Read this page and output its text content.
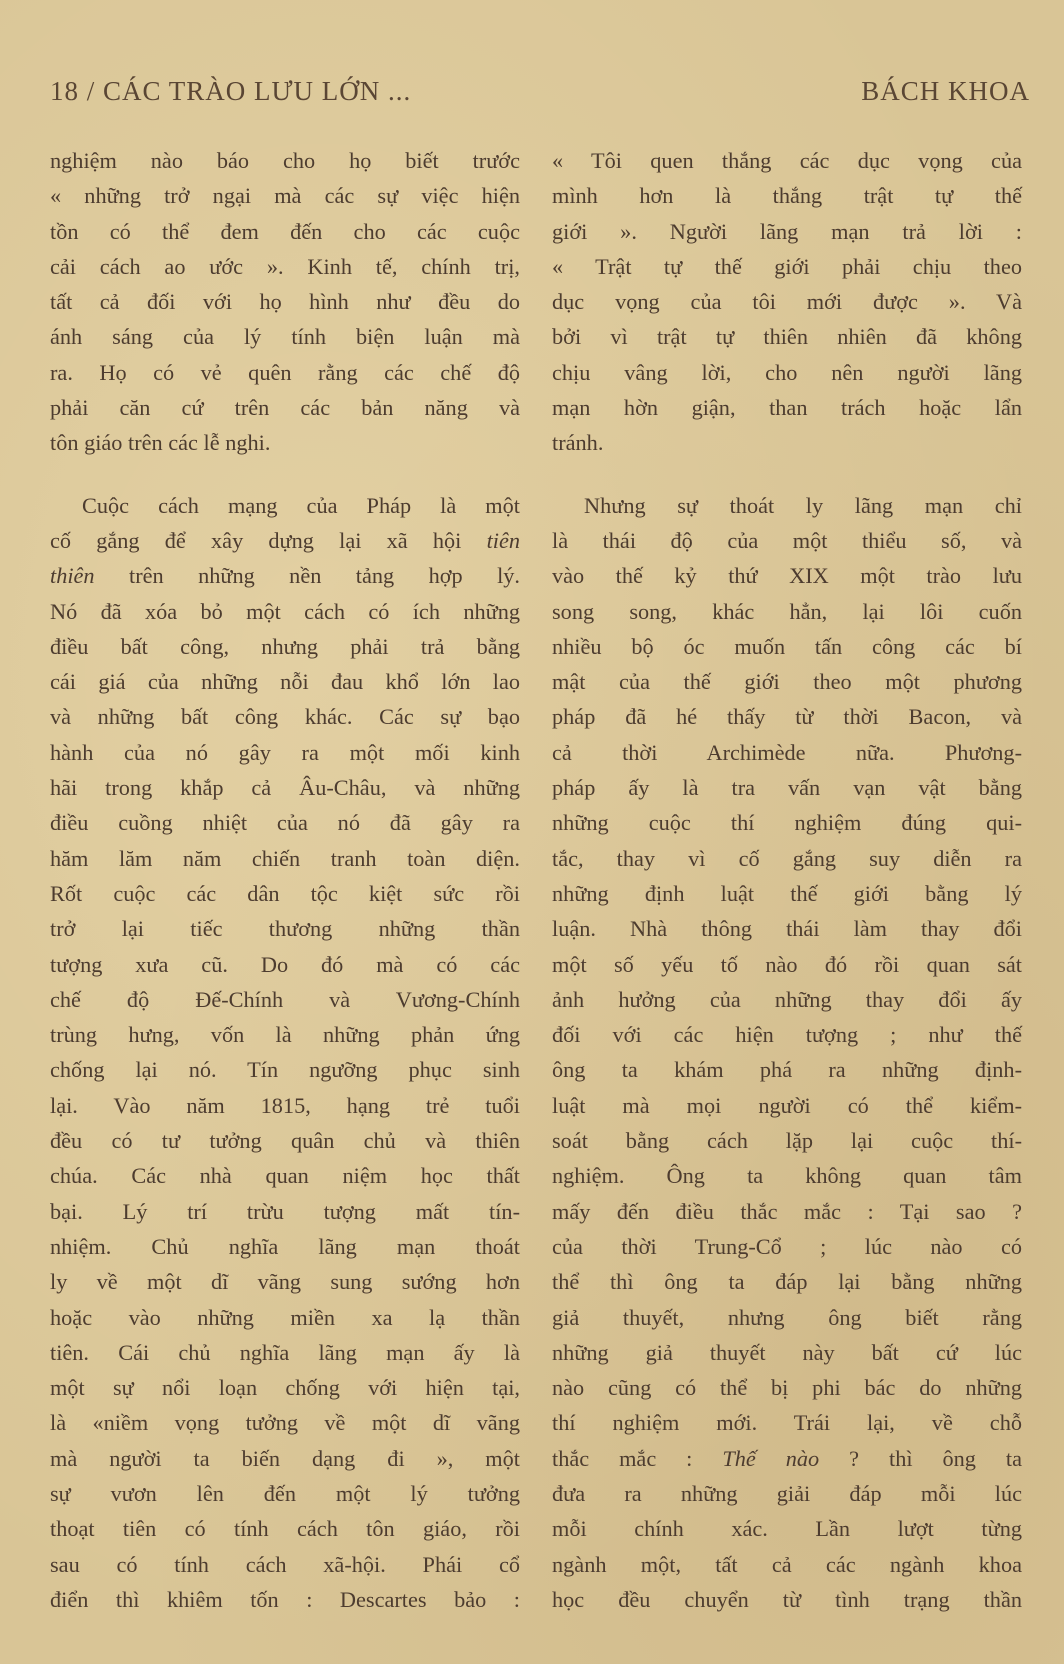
18 / CÁC TRÀO LƯU LỚN ...	BÁCH KHOA

nghiệm nào báo cho họ biết trước
« những trở ngại mà các sự việc hiện
tồn có thể đem đến cho các cuộc
cải cách ao ước ». Kinh tế, chính trị,
tất cả đối với họ hình như đều do
ánh sáng của lý tính biện luận mà
ra. Họ có vẻ quên rằng các chế độ
phải căn cứ trên các bản năng và
tôn giáo trên các lễ nghi.

Cuộc cách mạng của Pháp là một
cố gắng để xây dựng lại xã hội tiên
thiên trên những nền tảng hợp lý.
Nó đã xóa bỏ một cách có ích những
điều bất công, nhưng phải trả bằng
cái giá của những nỗi đau khổ lớn lao
và những bất công khác. Các sự bạo
hành của nó gây ra một mối kinh
hãi trong khắp cả Âu-Châu, và những
điều cuồng nhiệt của nó đã gây ra
hăm lăm năm chiến tranh toàn diện.
Rốt cuộc các dân tộc kiệt sức rồi
trở lại tiếc thương những thần
tượng xưa cũ. Do đó mà có các
chế độ Đế-Chính và Vương-Chính
trùng hưng, vốn là những phản ứng
chống lại nó. Tín ngưỡng phục sinh
lại. Vào năm 1815, hạng trẻ tuổi
đều có tư tưởng quân chủ và thiên
chúa. Các nhà quan niệm học thất
bại. Lý trí trừu tượng mất tín-
nhiệm. Chủ nghĩa lãng mạn thoát
ly về một dĩ vãng sung sướng hơn
hoặc vào những miền xa lạ thần
tiên. Cái chủ nghĩa lãng mạn ấy là
một sự nổi loạn chống với hiện tại,
là «niềm vọng tưởng về một dĩ vãng
mà người ta biến dạng đi », một
sự vươn lên đến một lý tưởng
thoạt tiên có tính cách tôn giáo, rồi
sau có tính cách xã-hội. Phái cổ
điển thì khiêm tốn : Descartes bảo :

« Tôi quen thắng các dục vọng của
mình hơn là thắng trật tự thế
giới ». Người lãng mạn trả lời :
« Trật tự thế giới phải chịu theo
dục vọng của tôi mới được ». Và
bởi vì trật tự thiên nhiên đã không
chịu vâng lời, cho nên người lãng
mạn hờn giận, than trách hoặc lẩn
tránh.

Nhưng sự thoát ly lãng mạn chỉ
là thái độ của một thiểu số, và
vào thế kỷ thứ XIX một trào lưu
song song, khác hẳn, lại lôi cuốn
nhiều bộ óc muốn tấn công các bí
mật của thế giới theo một phương
pháp đã hé thấy từ thời Bacon, và
cả thời Archimède nữa. Phương-
pháp ấy là tra vấn vạn vật bằng
những cuộc thí nghiệm đúng qui-
tắc, thay vì cố gắng suy diễn ra
những định luật thế giới bằng lý
luận. Nhà thông thái làm thay đổi
một số yếu tố nào đó rồi quan sát
ảnh hưởng của những thay đổi ấy
đối với các hiện tượng ; như thế
ông ta khám phá ra những định-
luật mà mọi người có thể kiểm-
soát bằng cách lặp lại cuộc thí-
nghiệm. Ông ta không quan tâm
mấy đến điều thắc mắc : Tại sao ?
của thời Trung-Cổ ; lúc nào có
thể thì ông ta đáp lại bằng những
giả thuyết, nhưng ông biết rằng
những giả thuyết này bất cứ lúc
nào cũng có thể bị phi bác do những
thí nghiệm mới. Trái lại, về chỗ
thắc mắc : Thế nào ? thì ông ta
đưa ra những giải đáp mỗi lúc
mỗi chính xác. Lần lượt từng
ngành một, tất cả các ngành khoa
học đều chuyển từ tình trạng thần
